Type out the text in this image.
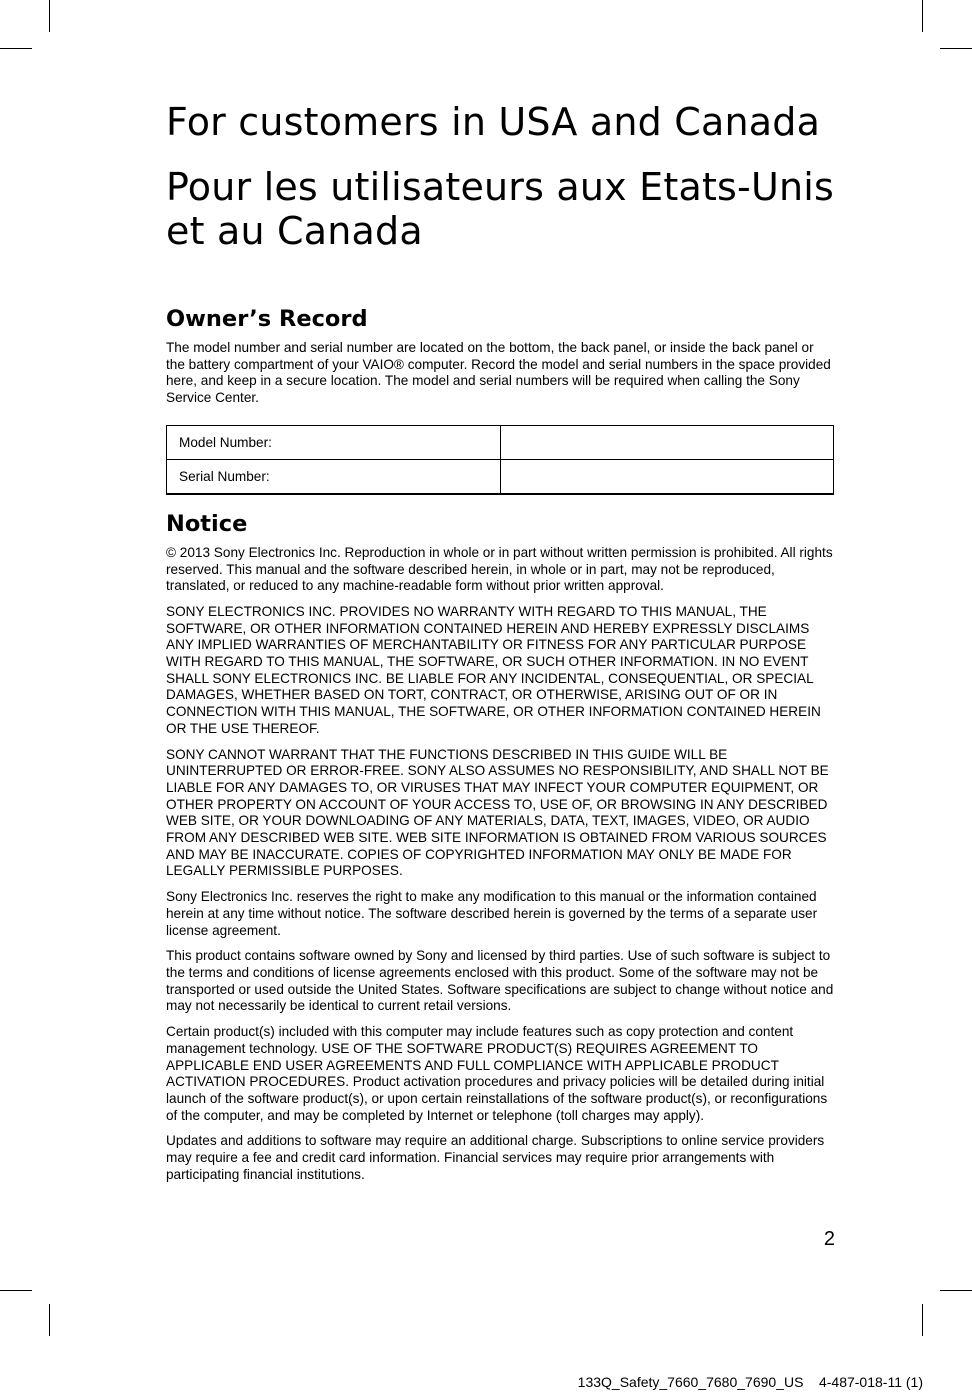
For customers in USA and Canada
Pour les utilisateurs aux Etats-Unis
et au Canada
Owner’s Record

The model number and serial number are located on the bottom, the back panel, or inside the back panel or the battery compartment of your VAIO® computer. Record the model and serial numbers in the space provided here, and keep in a secure location. The model and serial numbers will be required when calling the Sony Service Center.

Model Number:	
Serial Number:	
Notice

© 2013 Sony Electronics Inc. Reproduction in whole or in part without written permission is prohibited. All rights reserved. This manual and the software described herein, in whole or in part, may not be reproduced, translated, or reduced to any machine-readable form without prior written approval.

SONY ELECTRONICS INC. PROVIDES NO WARRANTY WITH REGARD TO THIS MANUAL, THE SOFTWARE, OR OTHER INFORMATION CONTAINED HEREIN AND HEREBY EXPRESSLY DISCLAIMS ANY IMPLIED WARRANTIES OF MERCHANTABILITY OR FITNESS FOR ANY PARTICULAR PURPOSE WITH REGARD TO THIS MANUAL, THE SOFTWARE, OR SUCH OTHER INFORMATION. IN NO EVENT SHALL SONY ELECTRONICS INC. BE LIABLE FOR ANY INCIDENTAL, CONSEQUENTIAL, OR SPECIAL DAMAGES, WHETHER BASED ON TORT, CONTRACT, OR OTHERWISE, ARISING OUT OF OR IN CONNECTION WITH THIS MANUAL, THE SOFTWARE, OR OTHER INFORMATION CONTAINED HEREIN OR THE USE THEREOF.

SONY CANNOT WARRANT THAT THE FUNCTIONS DESCRIBED IN THIS GUIDE WILL BE UNINTERRUPTED OR ERROR-FREE. SONY ALSO ASSUMES NO RESPONSIBILITY, AND SHALL NOT BE LIABLE FOR ANY DAMAGES TO, OR VIRUSES THAT MAY INFECT YOUR COMPUTER EQUIPMENT, OR OTHER PROPERTY ON ACCOUNT OF YOUR ACCESS TO, USE OF, OR BROWSING IN ANY DESCRIBED WEB SITE, OR YOUR DOWNLOADING OF ANY MATERIALS, DATA, TEXT, IMAGES, VIDEO, OR AUDIO FROM ANY DESCRIBED WEB SITE. WEB SITE INFORMATION IS OBTAINED FROM VARIOUS SOURCES AND MAY BE INACCURATE. COPIES OF COPYRIGHTED INFORMATION MAY ONLY BE MADE FOR LEGALLY PERMISSIBLE PURPOSES.

Sony Electronics Inc. reserves the right to make any modification to this manual or the information contained herein at any time without notice. The software described herein is governed by the terms of a separate user license agreement.

This product contains software owned by Sony and licensed by third parties. Use of such software is subject to the terms and conditions of license agreements enclosed with this product. Some of the software may not be transported or used outside the United States. Software specifications are subject to change without notice and may not necessarily be identical to current retail versions.

Certain product(s) included with this computer may include features such as copy protection and content management technology. USE OF THE SOFTWARE PRODUCT(S) REQUIRES AGREEMENT TO APPLICABLE END USER AGREEMENTS AND FULL COMPLIANCE WITH APPLICABLE PRODUCT ACTIVATION PROCEDURES. Product activation procedures and privacy policies will be detailed during initial launch of the software product(s), or upon certain reinstallations of the software product(s), or reconfigurations of the computer, and may be completed by Internet or telephone (toll charges may apply).

Updates and additions to software may require an additional charge. Subscriptions to online service providers may require a fee and credit card information. Financial services may require prior arrangements with participating financial institutions.

2
133Q_Safety_7660_7680_7690_US    4-487-018-11 (1)
